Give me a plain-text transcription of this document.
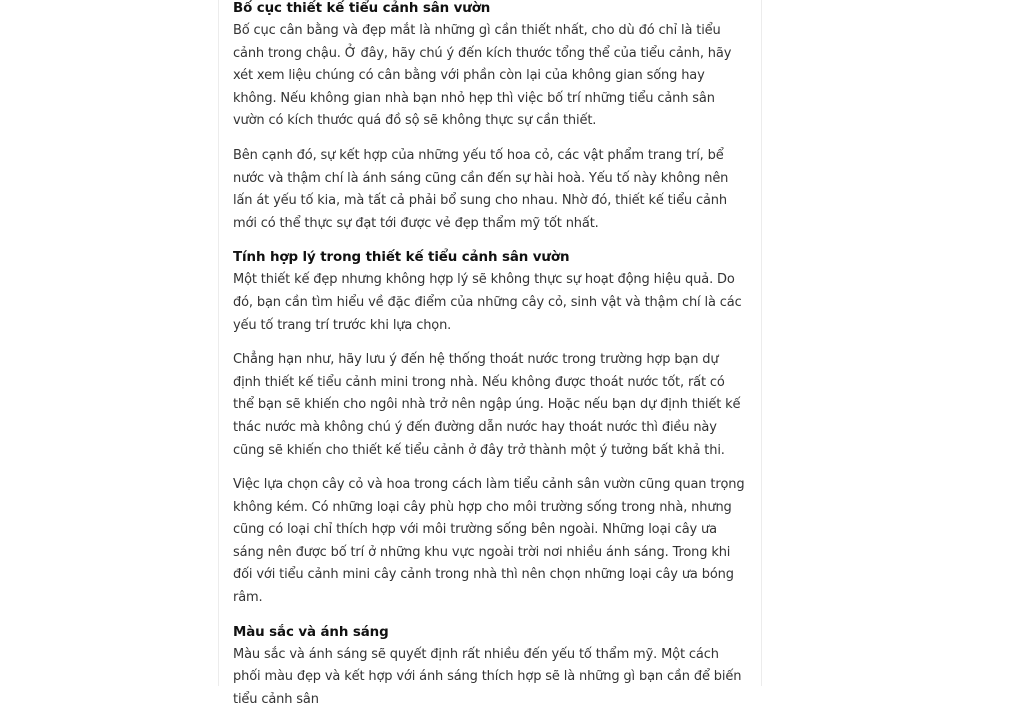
Bố cục thiết kế tiểu cảnh sân vườn

Bố cục cân bằng và đẹp mắt là những gì cần thiết nhất, cho dù đó chỉ là tiểu cảnh trong chậu. Ở đây, hãy chú ý đến kích thước tổng thể của tiểu cảnh, hãy xét xem liệu chúng có cân bằng với phần còn lại của không gian sống hay không. Nếu không gian nhà bạn nhỏ hẹp thì việc bố trí những tiểu cảnh sân vườn có kích thước quá đồ sộ sẽ không thực sự cần thiết.

Bên cạnh đó, sự kết hợp của những yếu tố hoa cỏ, các vật phẩm trang trí, bể nước và thậm chí là ánh sáng cũng cần đến sự hài hoà. Yếu tố này không nên lấn át yếu tố kia, mà tất cả phải bổ sung cho nhau. Nhờ đó, thiết kế tiểu cảnh mới có thể thực sự đạt tới được vẻ đẹp thẩm mỹ tốt nhất.

Tính hợp lý trong thiết kế tiểu cảnh sân vườn

Một thiết kế đẹp nhưng không hợp lý sẽ không thực sự hoạt động hiệu quả. Do đó, bạn cần tìm hiểu về đặc điểm của những cây cỏ, sinh vật và thậm chí là các yếu tố trang trí trước khi lựa chọn.

Chẳng hạn như, hãy lưu ý đến hệ thống thoát nước trong trường hợp bạn dự định thiết kế tiểu cảnh mini trong nhà. Nếu không được thoát nước tốt, rất có thể bạn sẽ khiến cho ngôi nhà trở nên ngập úng. Hoặc nếu bạn dự định thiết kế thác nước mà không chú ý đến đường dẫn nước hay thoát nước thì điều này cũng sẽ khiến cho thiết kế tiểu cảnh ở đây trở thành một ý tưởng bất khả thi.

Việc lựa chọn cây cỏ và hoa trong cách làm tiểu cảnh sân vườn cũng quan trọng không kém. Có những loại cây phù hợp cho môi trường sống trong nhà, nhưng cũng có loại chỉ thích hợp với môi trường sống bên ngoài. Những loại cây ưa sáng nên được bố trí ở những khu vực ngoài trời nơi nhiều ánh sáng. Trong khi đối với tiểu cảnh mini cây cảnh trong nhà thì nên chọn những loại cây ưa bóng râm.

Màu sắc và ánh sáng

Màu sắc và ánh sáng sẽ quyết định rất nhiều đến yếu tố thẩm mỹ. Một cách phối màu đẹp và kết hợp với ánh sáng thích hợp sẽ là những gì bạn cần để biến tiểu cảnh sân
